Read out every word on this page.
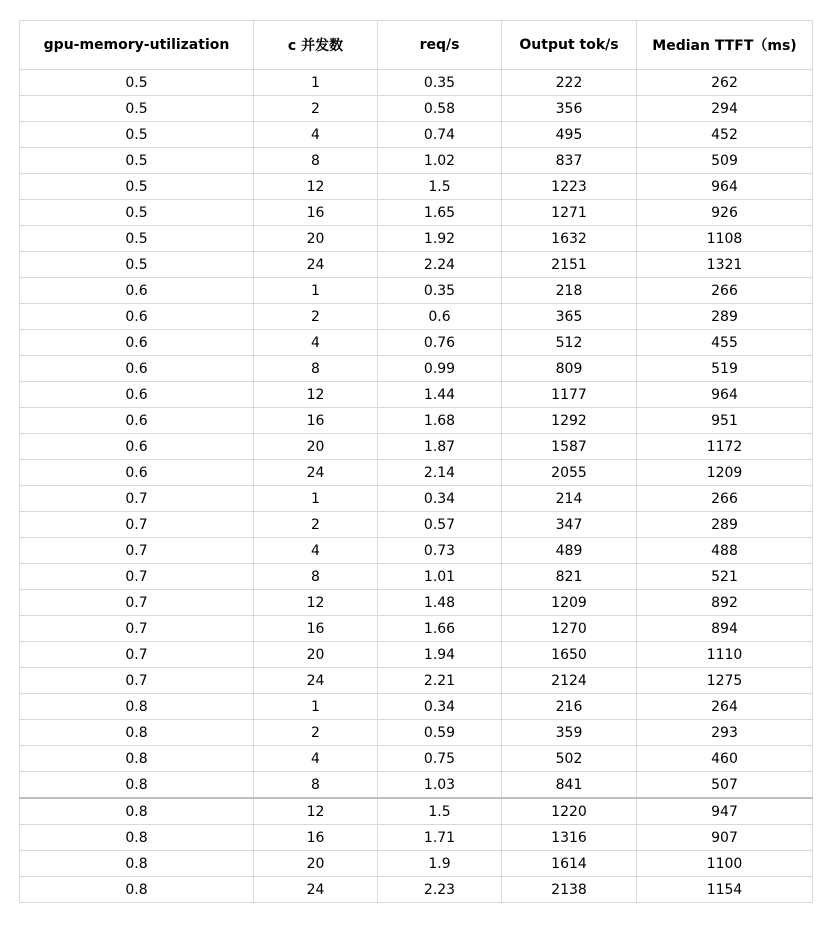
gpu-memory-utilization	c 并发数	req/s	Output tok/s	Median TTFT（ms)
0.5	1	0.35	222	262
0.5	2	0.58	356	294
0.5	4	0.74	495	452
0.5	8	1.02	837	509
0.5	12	1.5	1223	964
0.5	16	1.65	1271	926
0.5	20	1.92	1632	1108
0.5	24	2.24	2151	1321
0.6	1	0.35	218	266
0.6	2	0.6	365	289
0.6	4	0.76	512	455
0.6	8	0.99	809	519
0.6	12	1.44	1177	964
0.6	16	1.68	1292	951
0.6	20	1.87	1587	1172
0.6	24	2.14	2055	1209
0.7	1	0.34	214	266
0.7	2	0.57	347	289
0.7	4	0.73	489	488
0.7	8	1.01	821	521
0.7	12	1.48	1209	892
0.7	16	1.66	1270	894
0.7	20	1.94	1650	1110
0.7	24	2.21	2124	1275
0.8	1	0.34	216	264
0.8	2	0.59	359	293
0.8	4	0.75	502	460
0.8	8	1.03	841	507
0.8	12	1.5	1220	947
0.8	16	1.71	1316	907
0.8	20	1.9	1614	1100
0.8	24	2.23	2138	1154
